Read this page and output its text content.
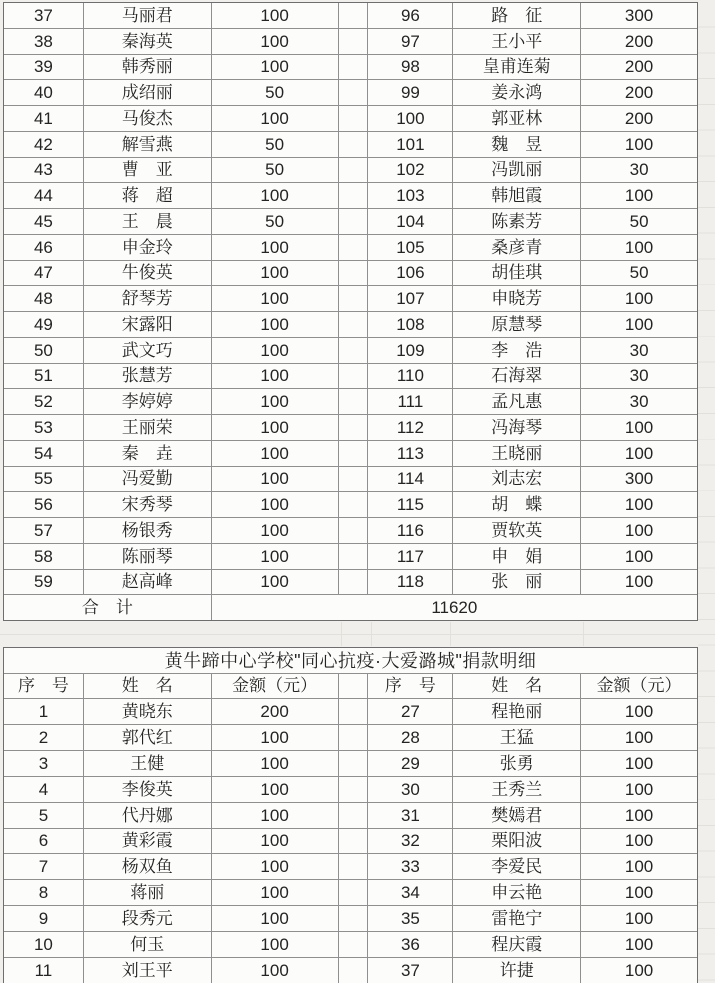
37	马丽君	100	96	路　征	300
38	秦海英	100	97	王小平	200
39	韩秀丽	100	98	皇甫连菊	200
40	成绍丽	50	99	姜永鸿	200
41	马俊杰	100	100	郭亚林	200
42	解雪燕	50	101	魏　昱	100
43	曹　亚	50	102	冯凯丽	30
44	蒋　超	100	103	韩旭霞	100
45	王　晨	50	104	陈素芳	50
46	申金玲	100	105	桑彦青	100
47	牛俊英	100	106	胡佳琪	50
48	舒琴芳	100	107	申晓芳	100
49	宋露阳	100	108	原慧琴	100
50	武文巧	100	109	李　浩	30
51	张慧芳	100	110	石海翠	30
52	李婷婷	100	111	孟凡惠	30
53	王丽荣	100	112	冯海琴	100
54	秦　垚	100	113	王晓丽	100
55	冯爱勤	100	114	刘志宏	300
56	宋秀琴	100	115	胡　蝶	100
57	杨银秀	100	116	贾软英	100
58	陈丽琴	100	117	申　娟	100
59	赵高峰	100	118	张　丽	100
合　计	11620
黄牛蹄中心学校"同心抗疫·大爱潞城"捐款明细
序　号	姓　名	金额（元）	序　号	姓　名	金额（元）
1	黄晓东	200	27	程艳丽	100
2	郭代红	100	28	王猛	100
3	王健	100	29	张勇	100
4	李俊英	100	30	王秀兰	100
5	代丹娜	100	31	樊嫣君	100
6	黄彩霞	100	32	栗阳波	100
7	杨双鱼	100	33	李爱民	100
8	蒋丽	100	34	申云艳	100
9	段秀元	100	35	雷艳宁	100
10	何玉	100	36	程庆霞	100
11	刘王平	100	37	许捷	100
